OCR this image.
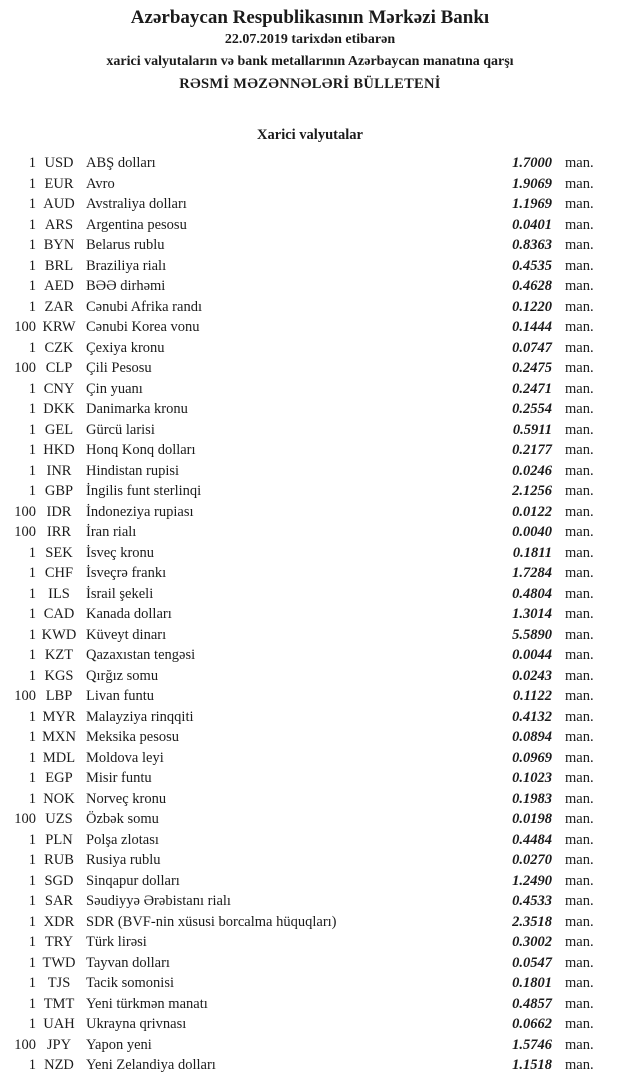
Azərbaycan Respublikasının Mərkəzi Bankı
22.07.2019 tarixdən etibarən
xarici valyutaların və bank metallarının Azərbaycan manatına qarşı
RƏSMİ MƏZƏNNƏLƏRİ BÜLLETENİ
Xarici valyutalar
1 USD ABŞ dolları	1.7000 man.
1 EUR Avro	1.9069 man.
1 AUD Avstraliya dolları	1.1969 man.
1 ARS Argentina pesosu	0.0401 man.
1 BYN Belarus rublu	0.8363 man.
1 BRL Braziliya rialı	0.4535 man.
1 AED BƏƏ dirhəmi	0.4628 man.
1 ZAR Cənubi Afrika randı	0.1220 man.
100 KRW Cənubi Korea vonu	0.1444 man.
1 CZK Çexiya kronu	0.0747 man.
100 CLP Çili Pesosu	0.2475 man.
1 CNY Çin yuanı	0.2471 man.
1 DKK Danimarka kronu	0.2554 man.
1 GEL Gürcü larisi	0.5911 man.
1 HKD Honq Konq dolları	0.2177 man.
1 INR	Hindistan rupisi	0.0246 man.
1 GBP İngilis funt sterlinqi	2.1256 man.
100 IDR	İndoneziya rupiası	0.0122 man.
100 IRR	İran rialı	0.0040 man.
1 SEK İsveç kronu	0.1811 man.
1 CHF İsveçrə frankı	1.7284 man.
1 ILS	İsrail şekeli	0.4804 man.
1 CAD Kanada dolları	1.3014 man.
1 KWD Küveyt dinarı	5.5890 man.
1 KZT Qazaxıstan tengəsi	0.0044 man.
1 KGS Qırğız somu	0.0243 man.
100 LBP Livan funtu	0.1122 man.
1 MYR Malayziya rinqqiti	0.4132 man.
1 MXN Meksika pesosu	0.0894 man.
1 MDL Moldova leyi	0.0969 man.
1 EGP Misir funtu	0.1023 man.
1 NOK Norveç kronu	0.1983 man.
100 UZS Özbək somu	0.0198 man.
1 PLN Polşa zlotası	0.4484 man.
1 RUB Rusiya rublu	0.0270 man.
1 SGD Sinqapur dolları	1.2490 man.
1 SAR Səudiyyə Ərəbistanı rialı	0.4533 man.
1 XDR SDR (BVF-nin xüsusi borcalma hüquqları)	2.3518 man.
1 TRY Türk lirəsi	0.3002 man.
1 TWD Tayvan dolları	0.0547 man.
1 TJS	Tacik somonisi	0.1801 man.
1 TMT Yeni türkmən manatı	0.4857 man.
1 UAH Ukrayna qrivnası	0.0662 man.
100 JPY	Yapon yeni	1.5746 man.
1 NZD Yeni Zelandiya dolları	1.1518 man.
